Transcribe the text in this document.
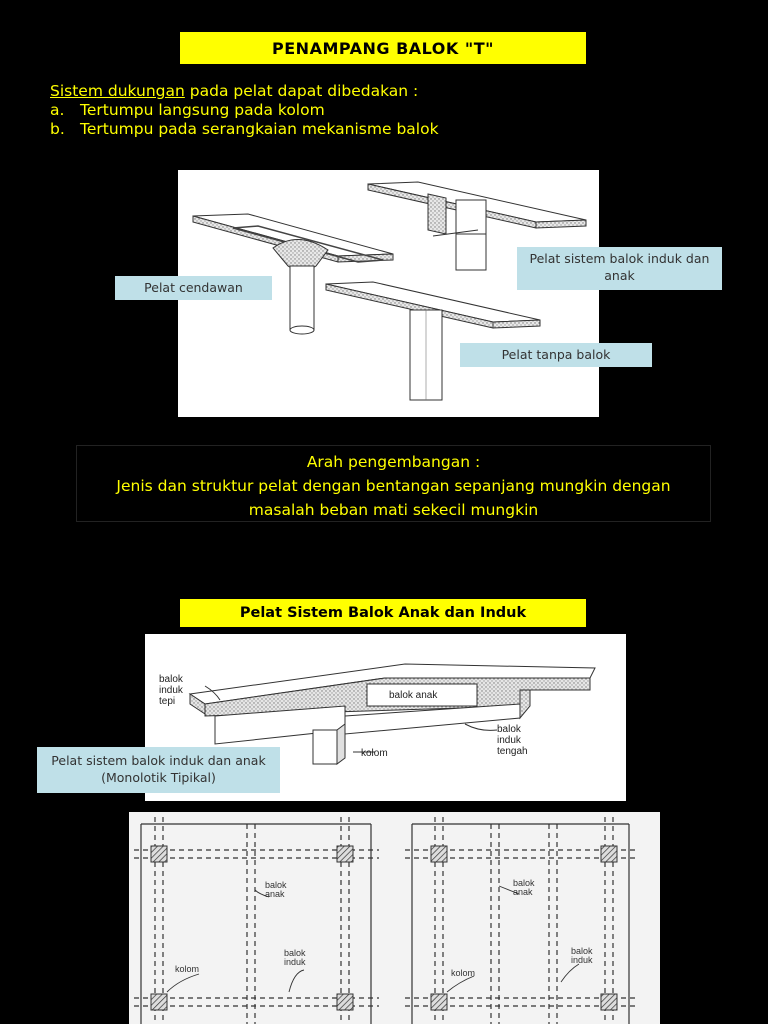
PENAMPANG BALOK "T"
Sistem dukungan pada pelat dapat dibedakan :
a.	Tertumpu langsung pada kolom
b. Tertumpu pada serangkaian mekanisme balok
Pelat cendawan
Pelat sistem balok induk dan anak
Pelat tanpa balok
Arah pengembangan :
Jenis dan struktur pelat dengan bentangan sepanjang mungkin dengan
masalah beban mati sekecil mungkin
Pelat Sistem Balok Anak dan Induk
balok induk tepi
balok anak
balok induk tengah
kolom
Pelat sistem balok induk dan anak (Monolotik Tipikal)
balok anak
balok induk
kolom
balok anak
balok induk
kolom
